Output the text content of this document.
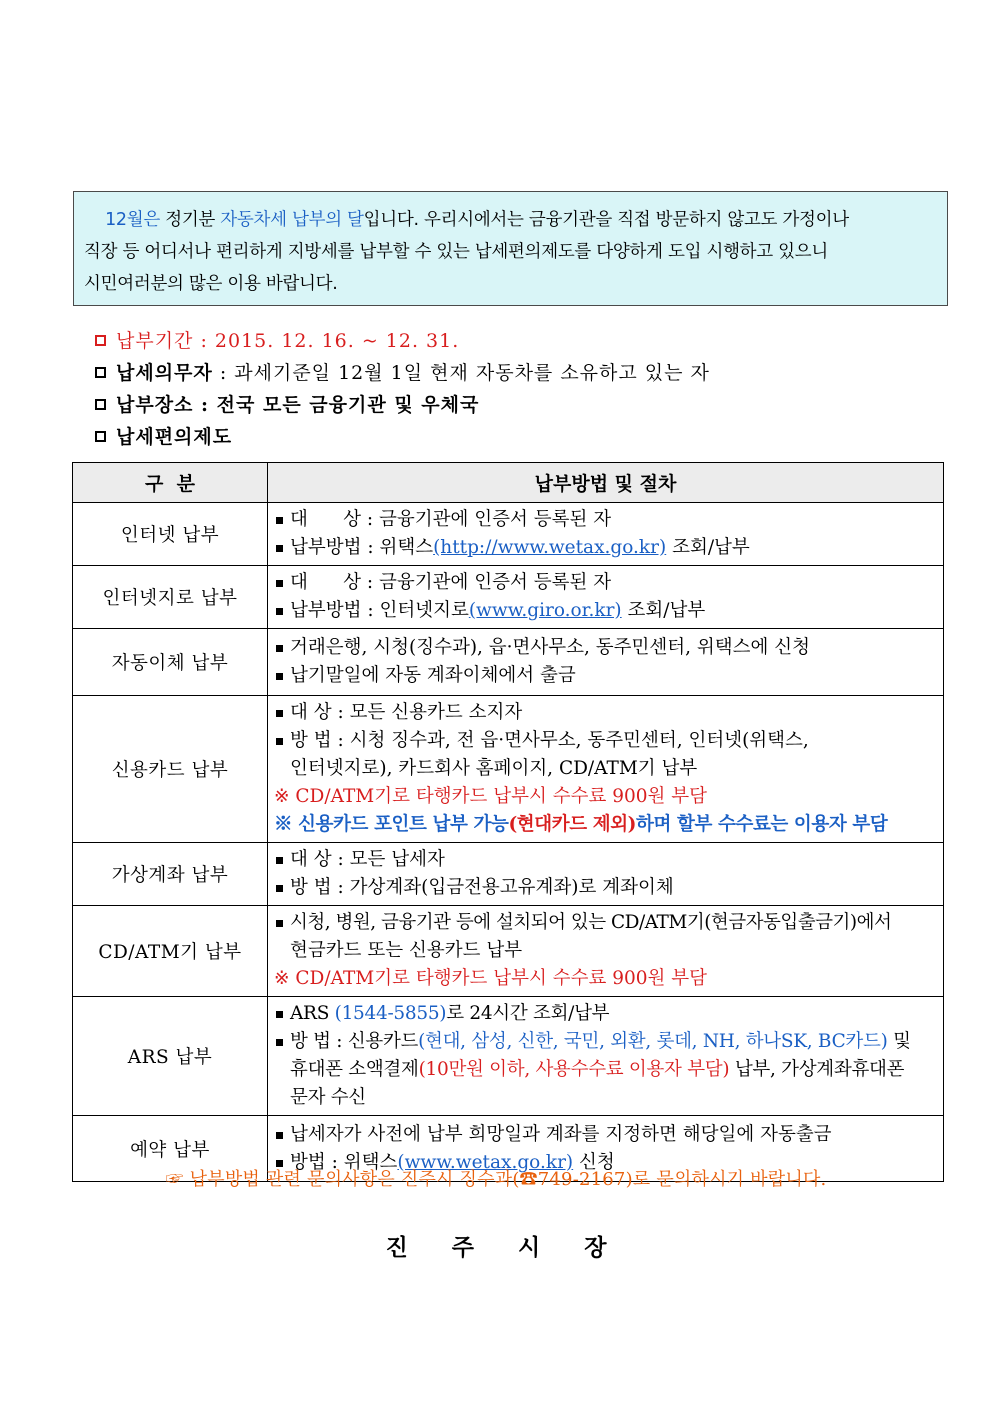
12월은 정기분 자동차세 납부의 달입니다. 우리시에서는 금융기관을 직접 방문하지 않고도 가정이나

직장 등 어디서나 편리하게 지방세를 납부할 수 있는 납세편의제도를 다양하게 도입 시행하고 있으니

시민여러분의 많은 이용 바랍니다.

납부기간 : 2015. 12. 16. ~ 12. 31.
납세의무자 : 과세기준일 12월 1일 현재 자동차를 소유하고 있는 자
납부장소 : 전국 모든 금융기관 및 우체국
납세편의제도
구  분	납부방법 및 절차
인터넷 납부	대      상 : 금융기관에 인증서 등록된 자
납부방법 : 위택스(http://www.wetax.go.kr) 조회/납부

인터넷지로 납부	대      상 : 금융기관에 인증서 등록된 자
납부방법 : 인터넷지로(www.giro.or.kr) 조회/납부

자동이체 납부	거래은행, 시청(징수과), 읍·면사무소, 동주민센터, 위택스에 신청
납기말일에 자동 계좌이체에서 출금

신용카드 납부	대 상 : 모든 신용카드 소지자
방 법 : 시청 징수과, 전 읍·면사무소, 동주민센터, 인터넷(위택스,
인터넷지로), 카드회사 홈페이지, CD/ATM기 납부
※ CD/ATM기로 타행카드 납부시 수수료 900원 부담
※ 신용카드 포인트 납부 가능(현대카드 제외)하며 할부 수수료는 이용자 부담

가상계좌 납부	대 상 : 모든 납세자
방 법 : 가상계좌(입금전용고유계좌)로 계좌이체

CD/ATM기 납부	시청, 병원, 금융기관 등에 설치되어 있는 CD/ATM기(현금자동입출금기)에서
현금카드 또는 신용카드 납부
※ CD/ATM기로 타행카드 납부시 수수료 900원 부담

ARS 납부	ARS (1544-5855)로 24시간 조회/납부
방 법 : 신용카드(현대, 삼성, 신한, 국민, 외환, 롯데, NH, 하나SK, BC카드) 및
휴대폰 소액결제(10만원 이하, 사용수수료 이용자 부담) 납부, 가상계좌휴대폰
문자 수신

예약 납부	납세자가 사전에 납부 희망일과 계좌를 지정하면 해당일에 자동출금
방법 : 위택스(www.wetax.go.kr) 신청
☞ 납부방법 관련 문의사항은 진주시 징수과(☎749-2167)로 문의하시기 바랍니다.
진주시장
